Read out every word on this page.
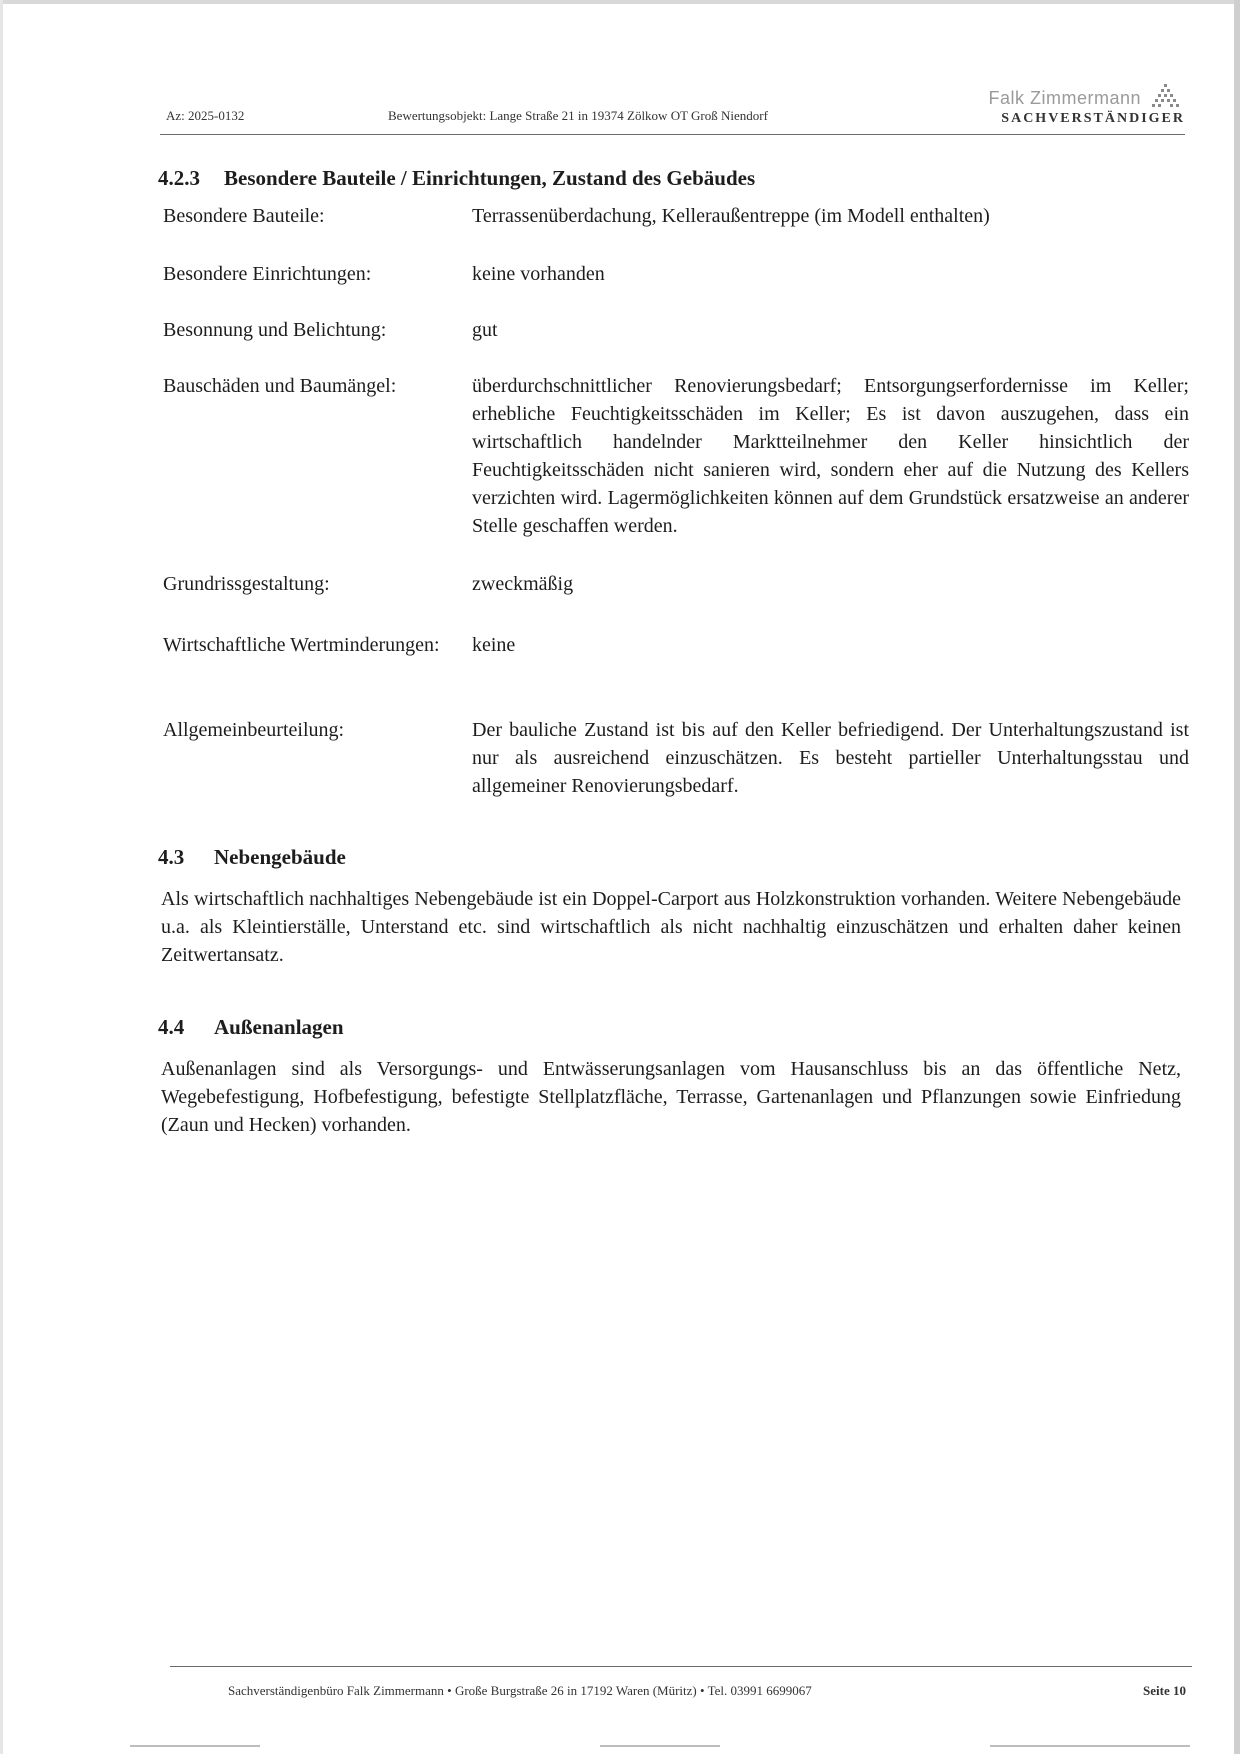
Az: 2025-0132	Bewertungsobjekt: Lange Straße 21 in 19374 Zölkow OT Groß Niendorf
Falk Zimmermann
SACHVERSTÄNDIGER
4.2.3	Besondere Bauteile / Einrichtungen, Zustand des Gebäudes
Besondere Bauteile:	Terrassenüberdachung, Kelleraußentreppe (im Modell enthalten)
Besondere Einrichtungen:	keine vorhanden
Besonnung und Belichtung:	gut
Bauschäden und Baumängel:	überdurchschnittlicher Renovierungsbedarf; Entsorgungserfordernisse im Keller; erhebliche Feuchtigkeitsschäden im Keller; Es ist davon auszugehen, dass ein wirtschaftlich handelnder Marktteilnehmer den Keller hinsichtlich der Feuchtigkeitsschäden nicht sanieren wird, sondern eher auf die Nutzung des Kellers verzichten wird. Lagermöglichkeiten können auf dem Grundstück ersatzweise an anderer Stelle geschaffen werden.
Grundrissgestaltung:	zweckmäßig
Wirtschaftliche Wertminderungen:	keine
Allgemeinbeurteilung:	Der bauliche Zustand ist bis auf den Keller befriedigend. Der Unterhaltungszustand ist nur als ausreichend einzuschätzen. Es besteht partieller Unterhaltungsstau und allgemeiner Renovierungsbedarf.
4.3	Nebengebäude

Als wirtschaftlich nachhaltiges Nebengebäude ist ein Doppel-Carport aus Holzkonstruktion vorhanden. Weitere Nebengebäude u.a. als Kleintierställe, Unterstand etc. sind wirtschaftlich als nicht nachhaltig einzuschätzen und erhalten daher keinen Zeitwertansatz.

4.4	Außenanlagen

Außenanlagen sind als Versorgungs- und Entwässerungsanlagen vom Hausanschluss bis an das öffentliche Netz, Wegebefestigung, Hofbefestigung, befestigte Stellplatzfläche, Terrasse, Gartenanlagen und Pflanzungen sowie Einfriedung (Zaun und Hecken) vorhanden.

Sachverständigenbüro Falk Zimmermann • Große Burgstraße 26 in 17192 Waren (Müritz) • Tel. 03991 6699067	Seite 10
